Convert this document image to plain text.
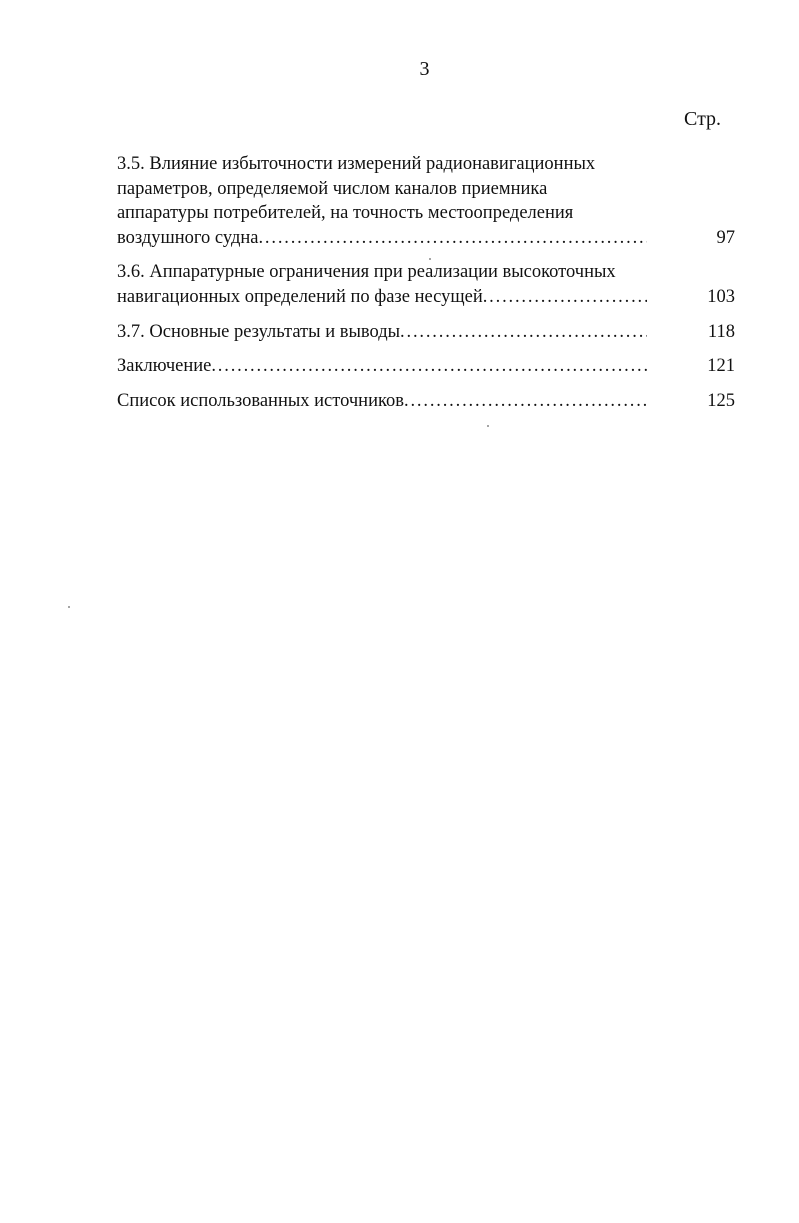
3
Стр.
3.5. Влияние избыточности измерений радионавигационных
параметров, определяемой числом каналов приемника
аппаратуры потребителей, на точность местоопределения
воздушного судна . . .	97
3.6. Аппаратурные ограничения при реализации высокоточных
навигационных определений по фазе несущей . . .	103
3.7. Основные результаты и выводы . . .	118
Заключение . . .	121
Список использованных источников . . .	125
